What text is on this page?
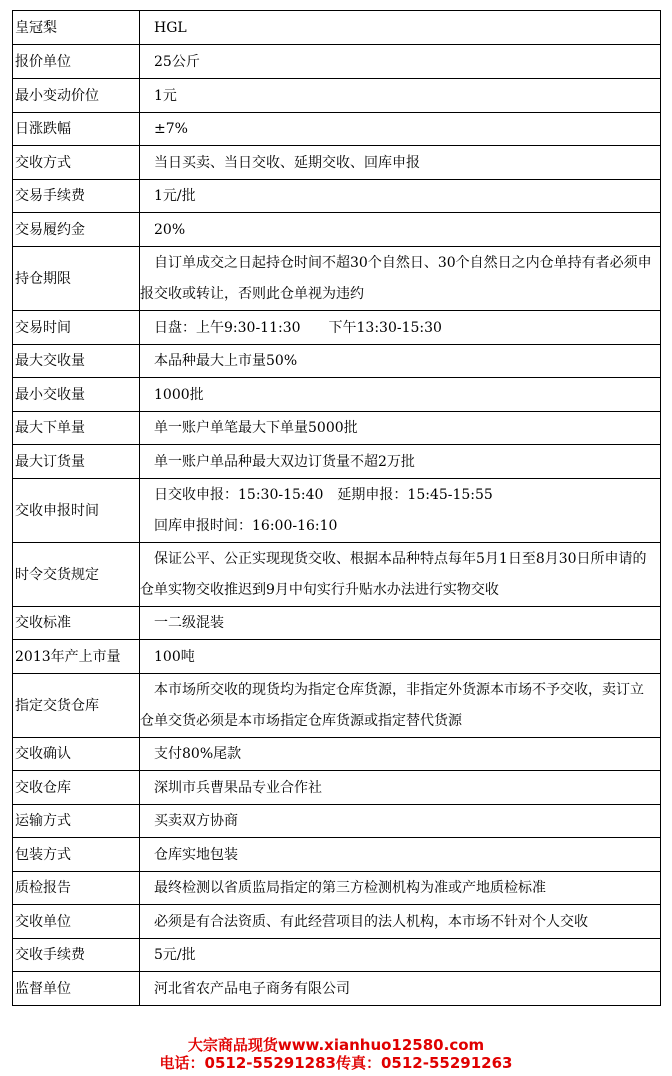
皇冠梨	HGL
报价单位	25公斤
最小变动价位	1元
日涨跌幅	±7%
交收方式	当日买卖、当日交收、延期交收、回库申报
交易手续费	1元/批
交易履约金	20%
持仓期限	自订单成交之日起持仓时间不超30个自然日、30个自然日之内仓单持有者必须申报交收或转让，否则此仓单视为违约

交易时间	日盘：上午9:30-11:30　　下午13:30-15:30
最大交收量	本品种最大上市量50%
最小交收量	1000批
最大下单量	单一账户单笔最大下单量5000批
最大订货量	单一账户单品种最大双边订货量不超2万批
交收申报时间	日交收申报：15:30-15:40　延期申报：15:45-15:55
回库申报时间：16:00-16:10

时令交货规定	保证公平、公正实现现货交收、根据本品种特点每年5月1日至8月30日所申请的仓单实物交收推迟到9月中旬实行升贴水办法进行实物交收

交收标准	一二级混装
2013年产上市量	100吨
指定交货仓库	本市场所交收的现货均为指定仓库货源，非指定外货源本市场不予交收，卖订立仓单交货必须是本市场指定仓库货源或指定替代货源

交收确认	支付80%尾款
交收仓库	深圳市兵曹果品专业合作社
运输方式	买卖双方协商
包装方式	仓库实地包装
质检报告	最终检测以省质监局指定的第三方检测机构为准或产地质检标准
交收单位	必须是有合法资质、有此经营项目的法人机构，本市场不针对个人交收
交收手续费	5元/批
监督单位	河北省农产品电子商务有限公司
大宗商品现货www.xianhuo12580.com
电话：0512-55291283传真：0512-55291263
